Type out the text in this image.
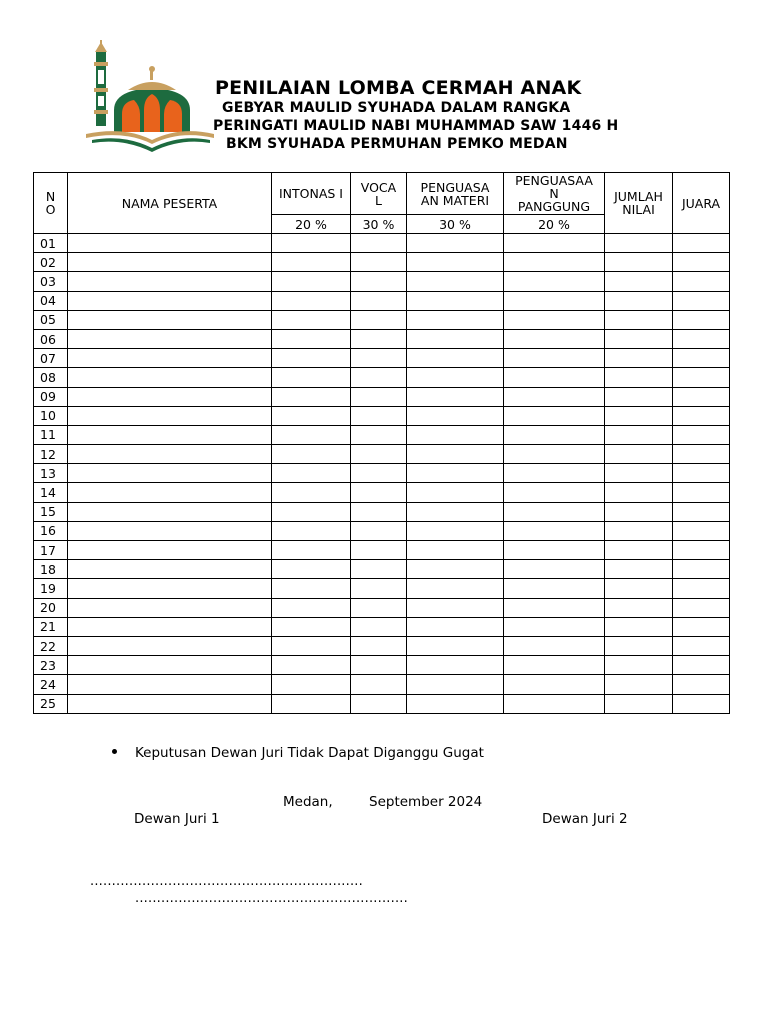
PENILAIAN LOMBA CERMAH ANAK
GEBYAR MAULID SYUHADA DALAM RANGKA
PERINGATI MAULID NABI MUHAMMAD SAW 1446 H
BKM SYUHADA PERMUHAN PEMKO MEDAN
N O	NAMA PESERTA	INTONAS I	VOCA L	PENGUASA AN MATERI	PENGUASAA N PANGGUNG	JUMLAH NILAI	JUARA
		20 %	30 %	30 %	20 %		
01							
02							
03							
04							
05							
06							
07							
08							
09							
10							
11							
12							
13							
14							
15							
16							
17							
18							
19							
20							
21							
22							
23							
24							
25							
Keputusan Dewan Juri Tidak Dapat Diganggu Gugat
Medan,	September 2024
Dewan Juri 1	Dewan Juri 2
...............................................................
...............................................................
